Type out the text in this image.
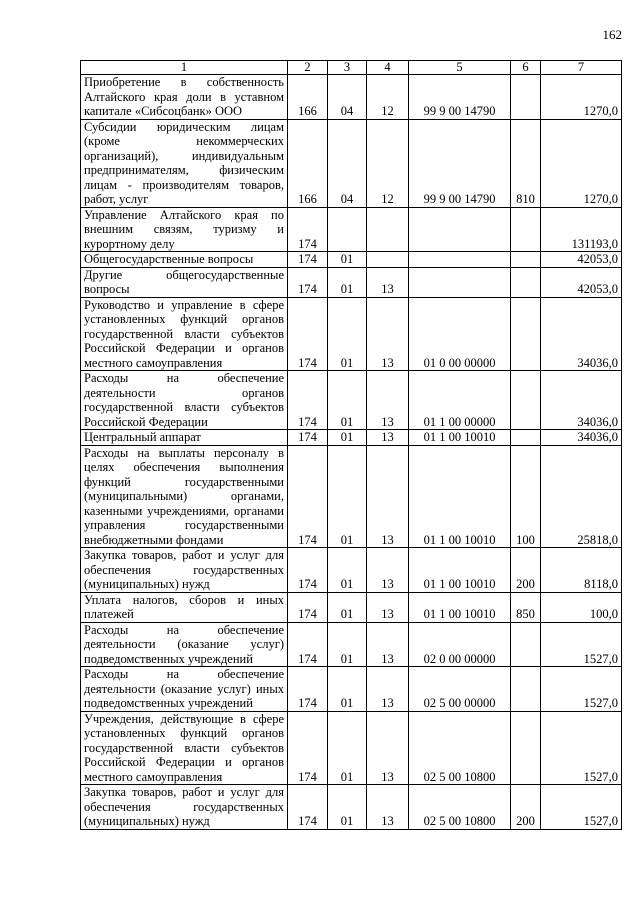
162
1	2	3	4	5	6	7
Приобретение в собственность Алтайского края доли в уставном капитале «Сибсоцбанк» ООО	166	04	12	99 9 00 14790		1270,0
Субсидии юридическим лицам (кроме некоммерческих организаций), индивидуальным предпринимателям, физическим лицам - производителям товаров, работ, услуг	166	04	12	99 9 00 14790	810	1270,0
Управление Алтайского края по внешним связям, туризму и курортному делу	174					131193,0
Общегосударственные вопросы	174	01				42053,0
Другие общегосударственные вопросы	174	01	13			42053,0
Руководство и управление в сфере установленных функций органов государственной власти субъектов Российской Федерации и органов местного самоуправления	174	01	13	01 0 00 00000		34036,0
Расходы на обеспечение деятельности органов государственной власти субъектов Российской Федерации	174	01	13	01 1 00 00000		34036,0
Центральный аппарат	174	01	13	01 1 00 10010		34036,0
Расходы на выплаты персоналу в целях обеспечения выполнения функций государственными (муниципальными) органами, казенными учреждениями, органами управления государственными внебюджетными фондами	174	01	13	01 1 00 10010	100	25818,0
Закупка товаров, работ и услуг для обеспечения государственных (муниципальных) нужд	174	01	13	01 1 00 10010	200	8118,0
Уплата налогов, сборов и иных платежей	174	01	13	01 1 00 10010	850	100,0
Расходы на обеспечение деятельности (оказание услуг) подведомственных учреждений	174	01	13	02 0 00 00000		1527,0
Расходы на обеспечение деятельности (оказание услуг) иных подведомственных учреждений	174	01	13	02 5 00 00000		1527,0
Учреждения, действующие в сфере установленных функций органов государственной власти субъектов Российской Федерации и органов местного самоуправления	174	01	13	02 5 00 10800		1527,0
Закупка товаров, работ и услуг для обеспечения государственных (муниципальных) нужд	174	01	13	02 5 00 10800	200	1527,0
